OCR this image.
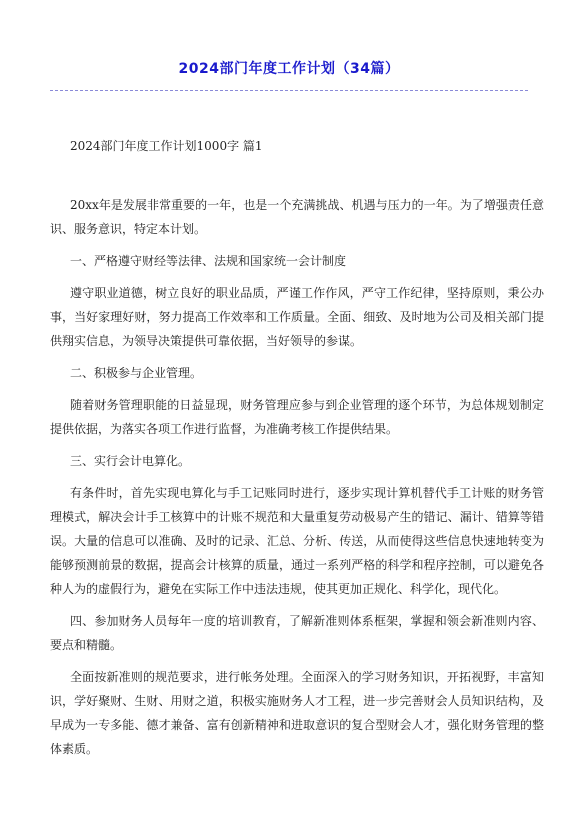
2024部门年度工作计划（34篇）
2024部门年度工作计划1000字 篇1

20xx年是发展非常重要的一年，也是一个充满挑战、机遇与压力的一年。为了增强责任意识、服务意识，特定本计划。

一、严格遵守财经等法律、法规和国家统一会计制度

遵守职业道德，树立良好的职业品质，严谨工作作风，严守工作纪律，坚持原则，秉公办事，当好家理好财，努力提高工作效率和工作质量。全面、细致、及时地为公司及相关部门提供翔实信息，为领导决策提供可靠依据，当好领导的参谋。

二、积极参与企业管理。

随着财务管理职能的日益显现，财务管理应参与到企业管理的逐个环节，为总体规划制定提供依据，为落实各项工作进行监督，为准确考核工作提供结果。

三、实行会计电算化。

有条件时，首先实现电算化与手工记账同时进行，逐步实现计算机替代手工计账的财务管理模式，解决会计手工核算中的计账不规范和大量重复劳动极易产生的错记、漏计、错算等错误。大量的信息可以准确、及时的记录、汇总、分析、传送，从而使得这些信息快速地转变为能够预测前景的数据，提高会计核算的质量，通过一系列严格的科学和程序控制，可以避免各种人为的虚假行为，避免在实际工作中违法违规，使其更加正规化、科学化，现代化。

四、参加财务人员每年一度的培训教育，了解新准则体系框架，掌握和领会新准则内容、要点和精髓。

全面按新准则的规范要求，进行帐务处理。全面深入的学习财务知识，开拓视野，丰富知识，学好聚财、生财、用财之道，积极实施财务人才工程，进一步完善财会人员知识结构，及早成为一专多能、德才兼备、富有创新精神和进取意识的复合型财会人才，强化财务管理的整体素质。
